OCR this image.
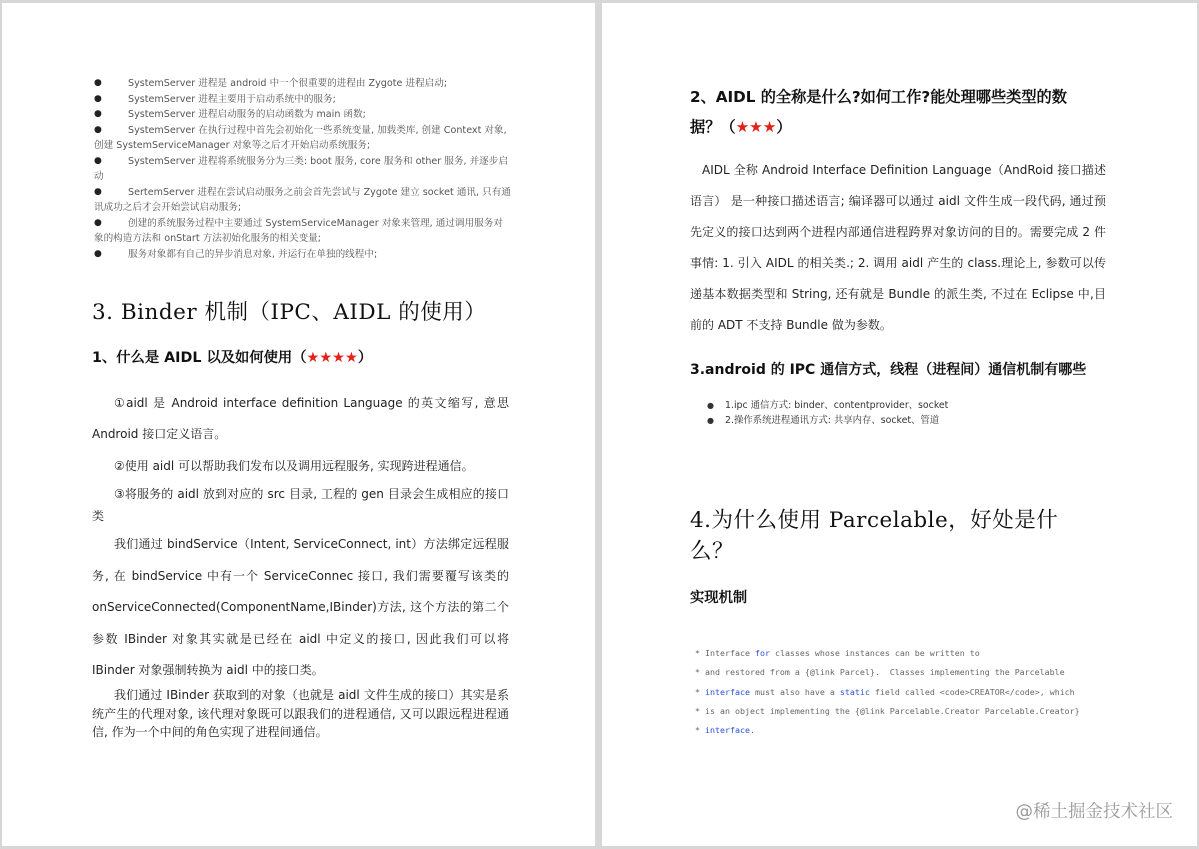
●	SystemServer 进程是 android 中一个很重要的进程由 Zygote 进程启动;
●	SystemServer 进程主要用于启动系统中的服务;
●	SystemServer 进程启动服务的启动函数为 main 函数;
●	SystemServer 在执行过程中首先会初始化一些系统变量, 加载类库, 创建 Context 对象, 创建 SystemServiceManager 对象等之后才开始启动系统服务;
●	SystemServer 进程将系统服务分为三类: boot 服务, core 服务和 other 服务, 并逐步启动
●	SertemServer 进程在尝试启动服务之前会首先尝试与 Zygote 建立 socket 通讯, 只有通讯成功之后才会开始尝试启动服务;
●	创建的系统服务过程中主要通过 SystemServiceManager 对象来管理, 通过调用服务对象的构造方法和 onStart 方法初始化服务的相关变量;
●	服务对象都有自己的异步消息对象, 并运行在单独的线程中;
3. Binder 机制（IPC、AIDL 的使用）
1、什么是 AIDL 以及如何使用（★★★★）

①aidl 是 Android interface definition Language 的英文缩写, 意思 Android 接口定义语言。

②使用 aidl 可以帮助我们发布以及调用远程服务, 实现跨进程通信。

③将服务的 aidl 放到对应的 src 目录, 工程的 gen 目录会生成相应的接口类

我们通过 bindService（Intent, ServiceConnect, int）方法绑定远程服务, 在 bindService 中有一个 ServiceConnec 接口, 我们需要覆写该类的 onServiceConnected(ComponentName,IBinder)方法, 这个方法的第二个参数 IBinder 对象其实就是已经在 aidl 中定义的接口, 因此我们可以将 IBinder 对象强制转换为 aidl 中的接口类。

我们通过 IBinder 获取到的对象（也就是 aidl 文件生成的接口）其实是系统产生的代理对象, 该代理对象既可以跟我们的进程通信, 又可以跟远程进程通信, 作为一个中间的角色实现了进程间通信。

2、AIDL 的全称是什么?如何工作?能处理哪些类型的数
据？（★★★）

AIDL 全称 Android Interface Definition Language（AndRoid 接口描述语言） 是一种接口描述语言; 编译器可以通过 aidl 文件生成一段代码, 通过预先定义的接口达到两个进程内部通信进程跨界对象访问的目的。需要完成 2 件事情: 1. 引入 AIDL 的相关类.; 2. 调用 aidl 产生的 class.理论上, 参数可以传递基本数据类型和 String, 还有就是 Bundle 的派生类, 不过在 Eclipse 中,目前的 ADT 不支持 Bundle 做为参数。

3.android 的 IPC 通信方式，线程（进程间）通信机制有哪些
● 1.ipc 通信方式: binder、contentprovider、socket
● 2.操作系统进程通讯方式: 共享内存、socket、管道
4.为什么使用 Parcelable，好处是什
么？
实现机制
* Interface for classes whose instances can be written to
* and restored from a {@link Parcel}.  Classes implementing the Parcelable
* interface must also have a static field called <code>CREATOR</code>, which
* is an object implementing the {@link Parcelable.Creator Parcelable.Creator}
* interface.
@稀土掘金技术社区
